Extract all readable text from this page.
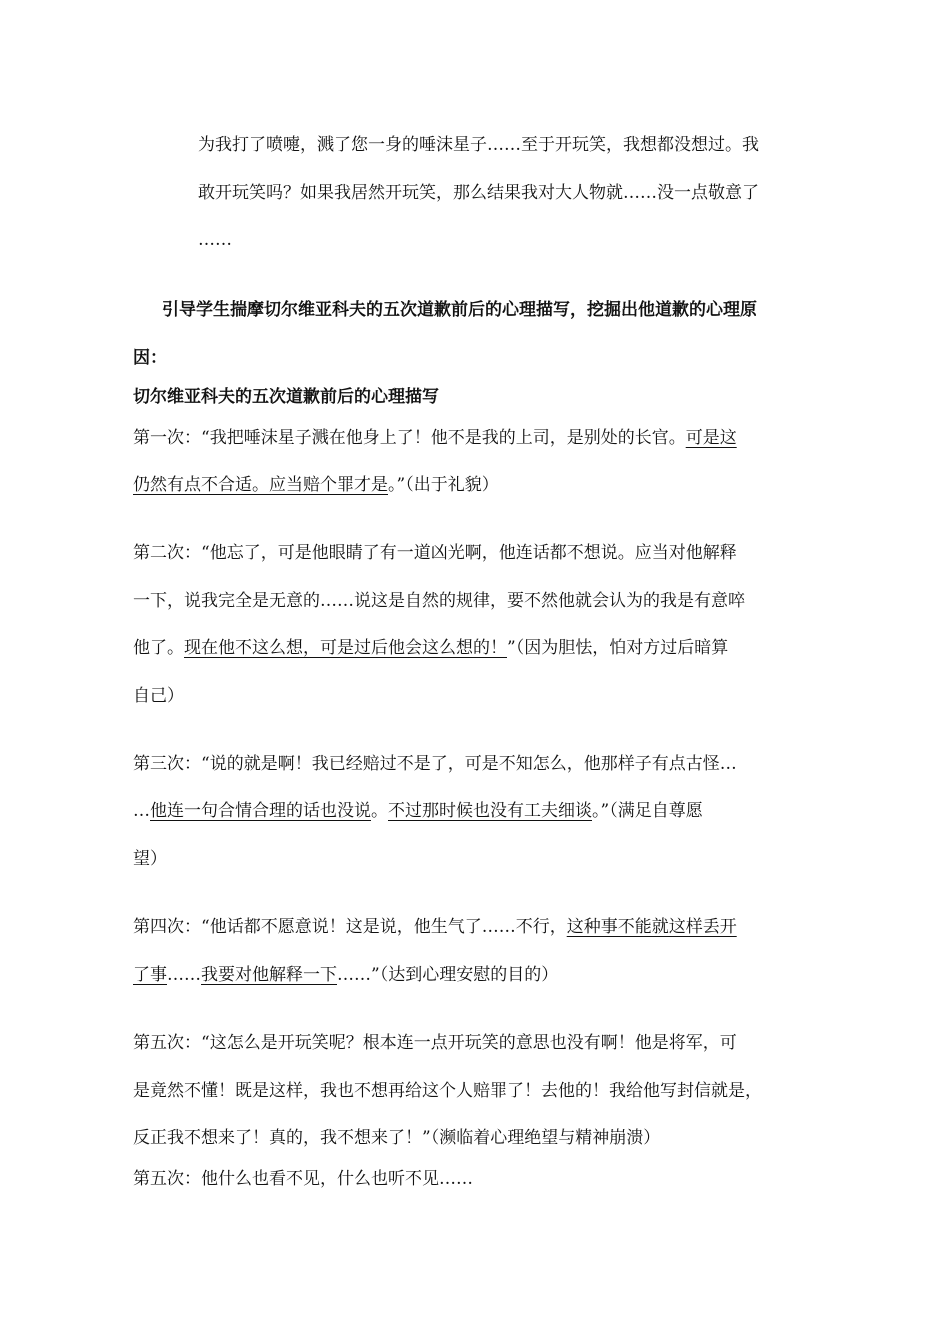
为我打了喷嚏，溅了您一身的唾沫星子……至于开玩笑，我想都没想过。我

敢开玩笑吗？如果我居然开玩笑，那么结果我对大人物就……没一点敬意了

……

引导学生揣摩切尔维亚科夫的五次道歉前后的心理描写，挖掘出他道歉的心理原

因：

切尔维亚科夫的五次道歉前后的心理描写

第一次：“我把唾沫星子溅在他身上了！他不是我的上司，是别处的长官。可是这

仍然有点不合适。应当赔个罪才是。”（出于礼貌）

第二次：“他忘了，可是他眼睛了有一道凶光啊，他连话都不想说。应当对他解释

一下，说我完全是无意的……说这是自然的规律，要不然他就会认为的我是有意啐

他了。现在他不这么想，可是过后他会这么想的！”（因为胆怯，怕对方过后暗算

自己）

第三次：“说的就是啊！我已经赔过不是了，可是不知怎么，他那样子有点古怪…

…他连一句合情合理的话也没说。不过那时候也没有工夫细谈。”（满足自尊愿

望）

第四次：“他话都不愿意说！这是说，他生气了……不行，这种事不能就这样丢开

了事……我要对他解释一下……”（达到心理安慰的目的）

第五次：“这怎么是开玩笑呢？根本连一点开玩笑的意思也没有啊！他是将军，可

是竟然不懂！既是这样，我也不想再给这个人赔罪了！去他的！我给他写封信就是，

反正我不想来了！真的，我不想来了！”（濒临着心理绝望与精神崩溃）

第五次：他什么也看不见，什么也听不见……
